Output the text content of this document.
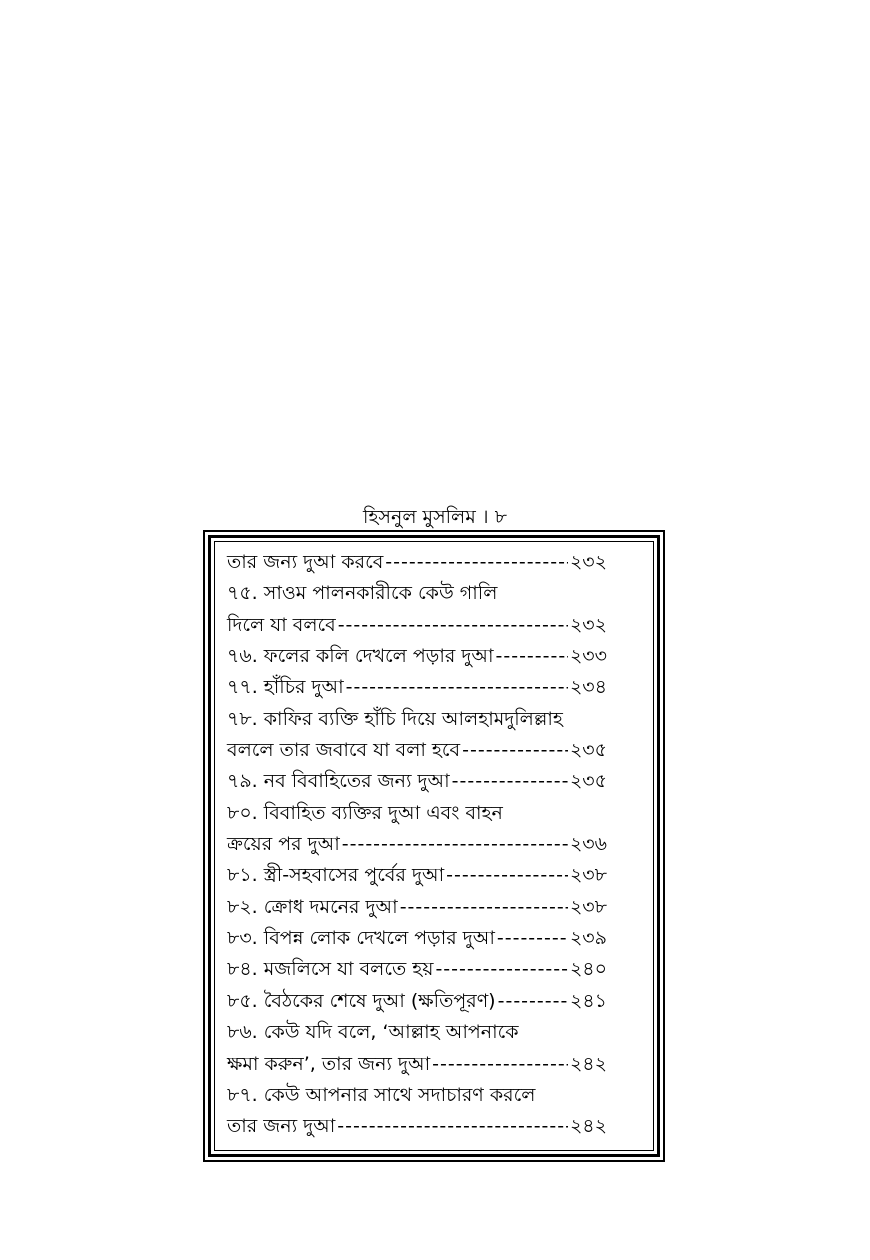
হিসনুল মুসলিম । ৮
তার জন্য দুআ করবে -----	২৩২
৭৫. সাওম পালনকারীকে কেউ গালি
দিলে যা বলবে -----	২৩২
৭৬. ফলের কলি দেখলে পড়ার দুআ -----	২৩৩
৭৭. হাঁচির দুআ -----	২৩৪
৭৮. কাফির ব্যক্তি হাঁচি দিয়ে আলহামদুলিল্লাহ
বললে তার জবাবে যা বলা হবে -----	২৩৫
৭৯. নব বিবাহিতের জন্য দুআ -----	২৩৫
৮০. বিবাহিত ব্যক্তির দুআ এবং বাহন
ক্রয়ের পর দুআ -----	২৩৬
৮১. স্ত্রী-সহবাসের পুর্বের দুআ -----	২৩৮
৮২. ক্রোধ দমনের দুআ -----	২৩৮
৮৩. বিপন্ন লোক দেখলে পড়ার দুআ -----	২৩৯
৮৪. মজলিসে যা বলতে হয় -----	২৪০
৮৫. বৈঠকের শেষে দুআ (ক্ষতিপূরণ) -----	২৪১
৮৬. কেউ যদি বলে, ‘আল্লাহ আপনাকে
ক্ষমা করুন’, তার জন্য দুআ -----	২৪২
৮৭. কেউ আপনার সাথে সদাচারণ করলে
তার জন্য দুআ -----	২৪২
